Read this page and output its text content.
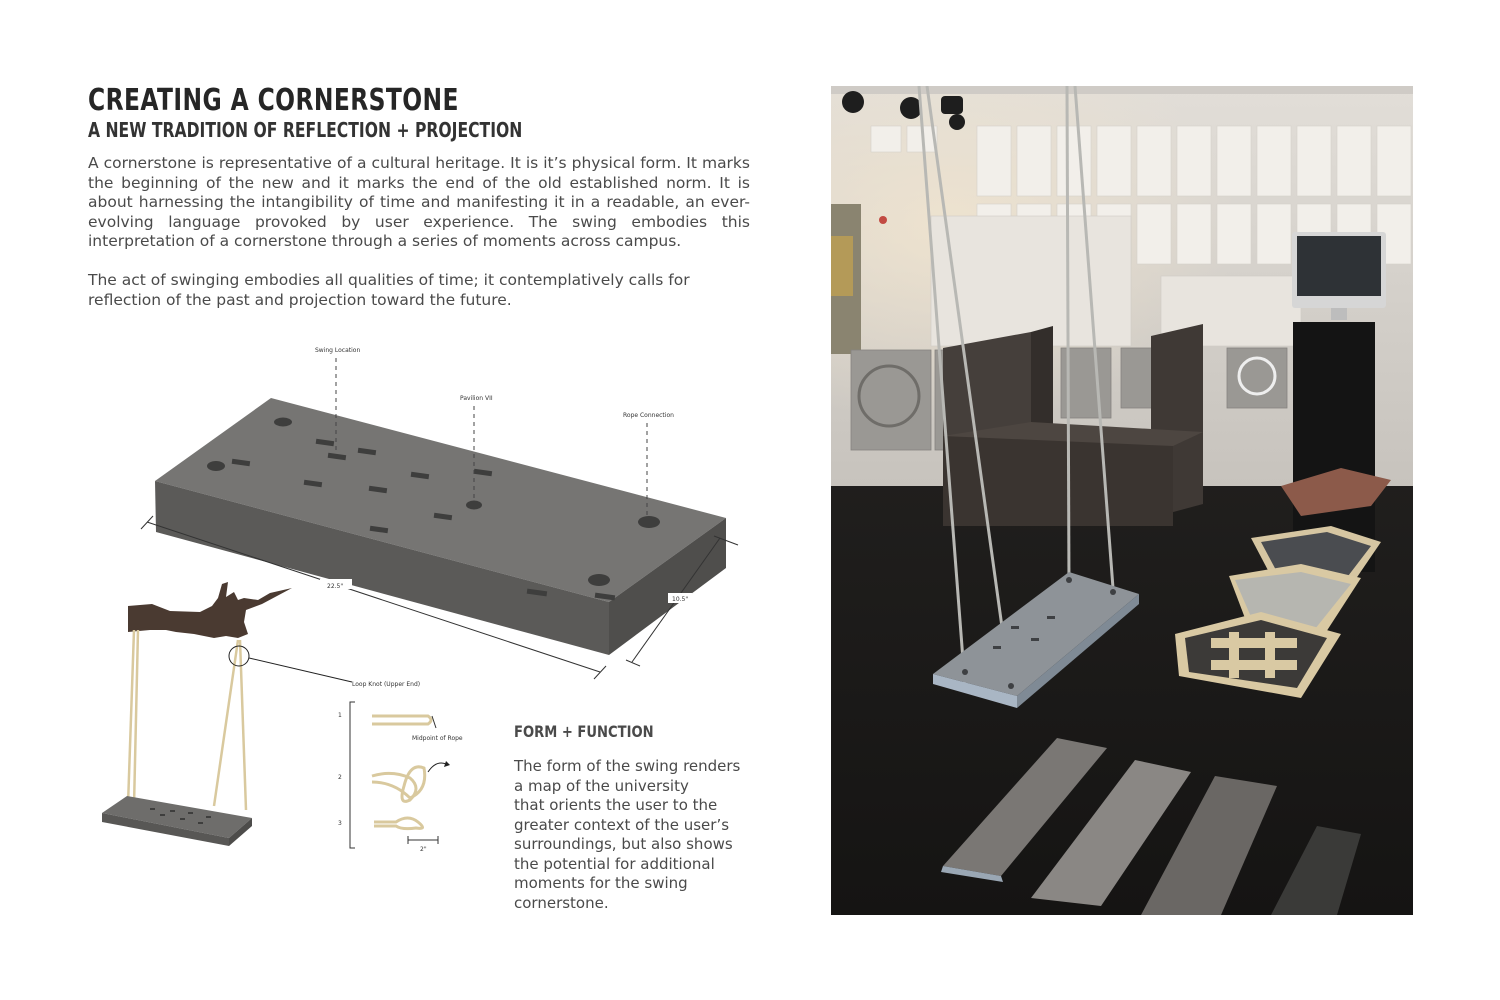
CREATING A CORNERSTONE
A NEW TRADITION OF REFLECTION + PROJECTION

A cornerstone is representative of a cultural heritage. It is it’s physical form. It marks the beginning of the new and it marks the end of the old established norm. It is about harnessing the intangibility of time and manifesting it in a readable, an ever-evolving language provoked by user experience. The swing embodies this interpretation of a cornerstone through a series of moments across campus.

The act of swinging embodies all qualities of time; it contemplatively calls for reflection of the past and projection toward the future.

Swing Location
Pavilion VII
Rope Connection
22.5"
10.5"
Loop Knot (Upper End)
1
2
3
Midpoint of Rope
2"
FORM + FUNCTION

The form of the swing renders
a map of the university
that orients the user to the
greater context of the user’s
surroundings, but also shows
the potential for additional
moments for the swing
cornerstone.
